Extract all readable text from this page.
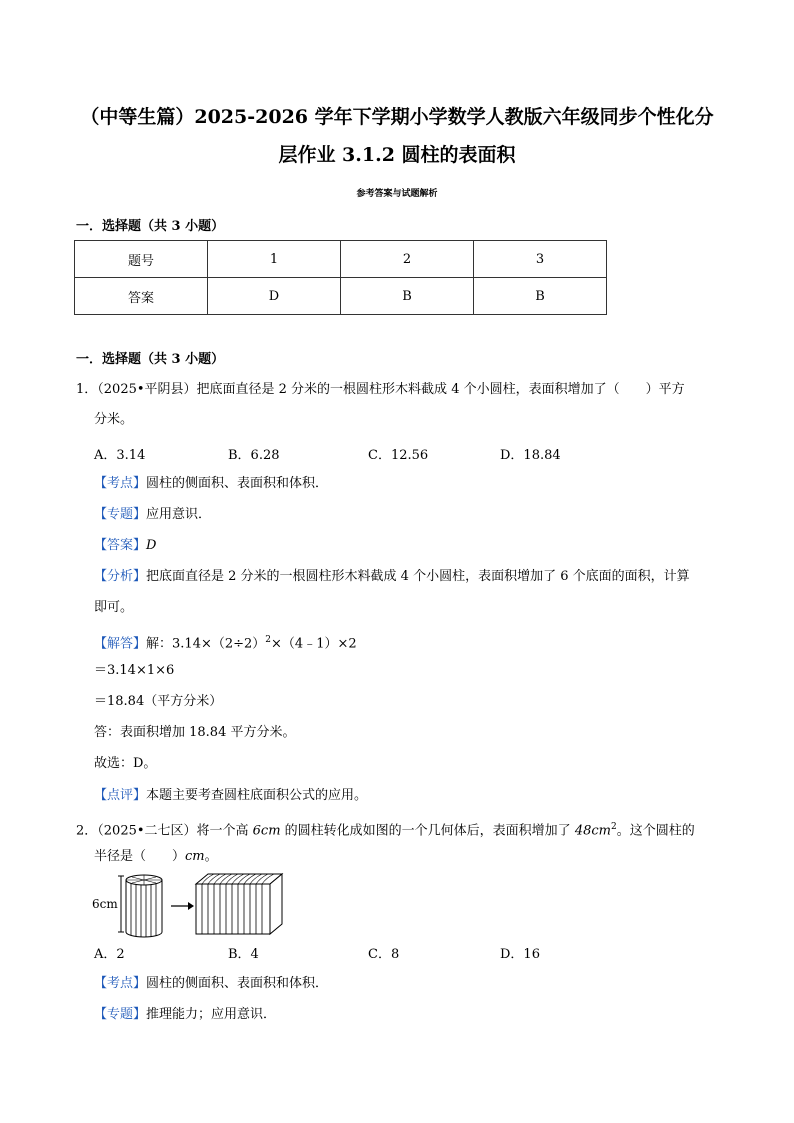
（中等生篇）2025-2026 学年下学期小学数学人教版六年级同步个性化分
层作业 3.1.2 圆柱的表面积
参考答案与试题解析
一．选择题（共 3 小题）
题号	1	2	3
答案	D	B	B
一．选择题（共 3 小题）
1．（2025•平阴县）把底面直径是 2 分米的一根圆柱形木料截成 4 个小圆柱，表面积增加了（　　）平方
分米。
A．3.14	B．6.28	C．12.56	D．18.84
【考点】圆柱的侧面积、表面积和体积．
【专题】应用意识．
【答案】D
【分析】把底面直径是 2 分米的一根圆柱形木料截成 4 个小圆柱，表面积增加了 6 个底面的面积，计算
即可。
【解答】解：$3.14\times(2\div 2)^2\times(4﹣1)\times 2$
＝3.14×1×6
＝18.84（平方分米）
答：表面积增加 18.84 平方分米。
故选：D。
【点评】本题主要考查圆柱底面积公式的应用。
2．（2025•二七区）将一个高 6cm 的圆柱转化成如图的一个几何体后，表面积增加了 $48cm^2$。这个圆柱的
半径是（　　）cm。
6cm
A．2	B．4	C．8	D．16
【考点】圆柱的侧面积、表面积和体积．
【专题】推理能力；应用意识．
